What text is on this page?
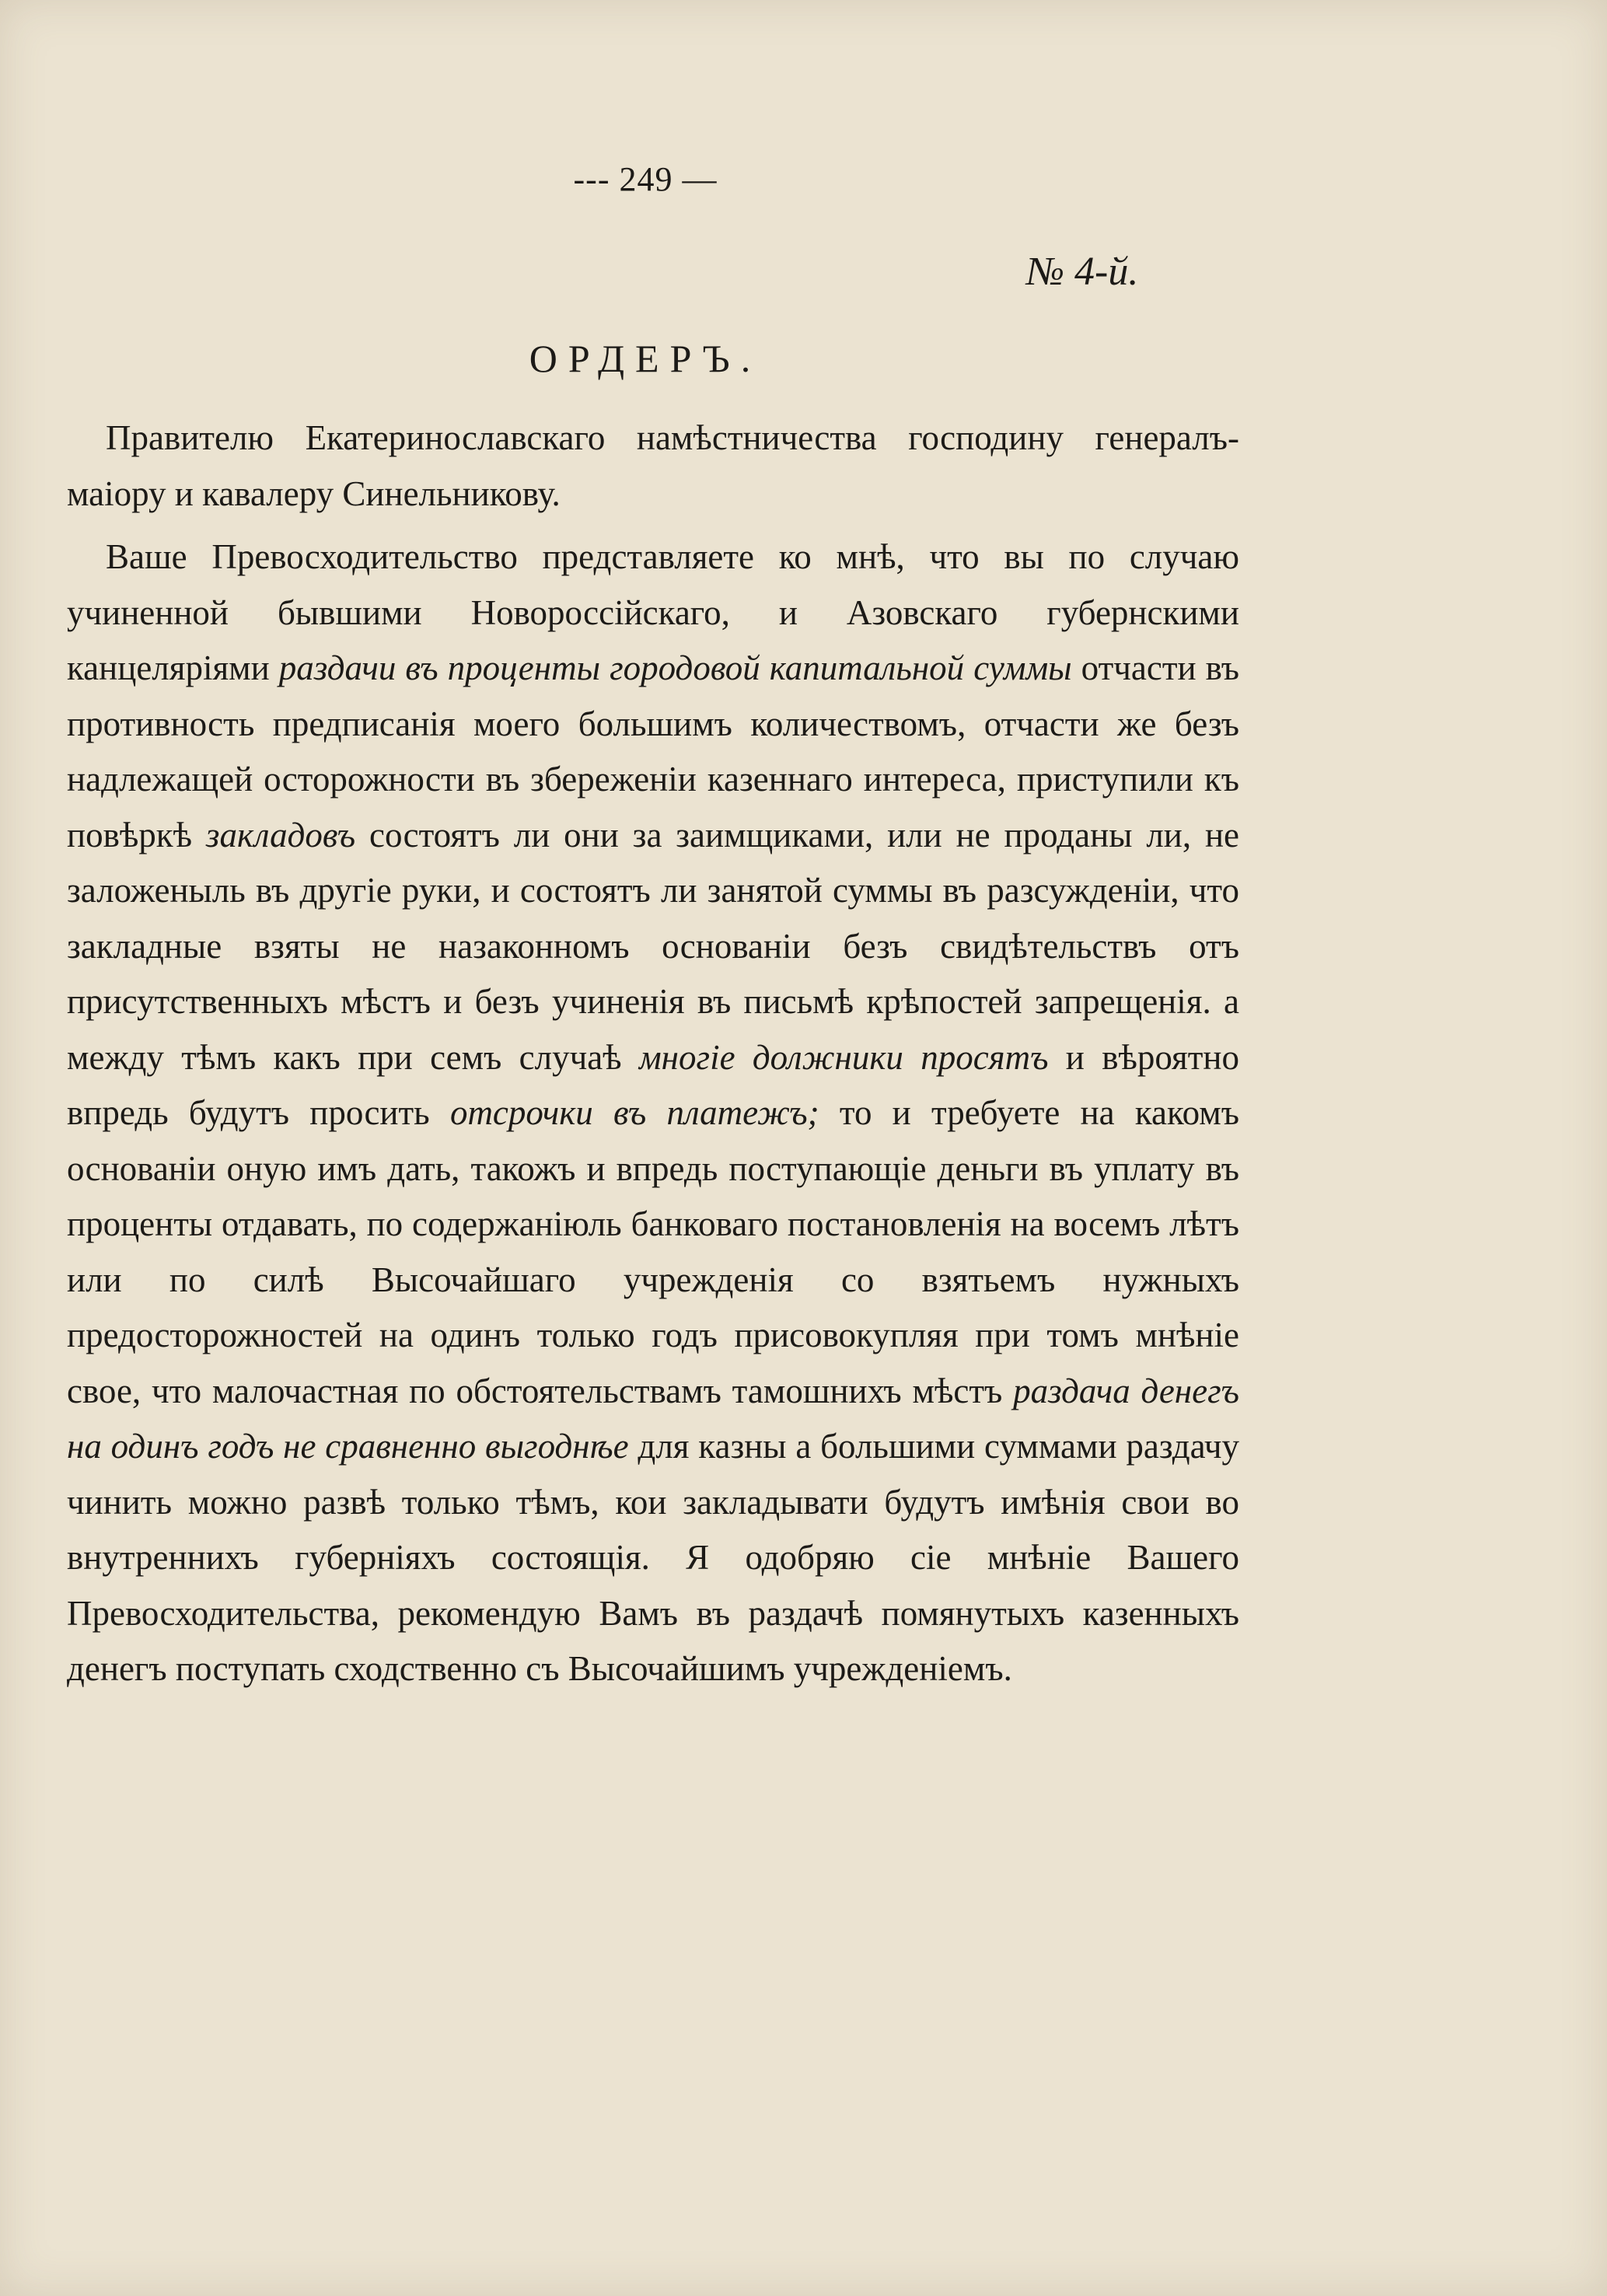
--- 249 —
№ 4-й.
ОРДЕРЪ.

Правителю Екатеринославскаго намѣстничества господину генералъ-маіору и кавалеру Синельникову.

Ваше Превосходительство представляете ко мнѣ, что вы по случаю учиненной бывшими Новороссійскаго, и Азовскаго губернскими канцеляріями раздачи въ проценты городовой капитальной суммы отчасти въ противность предписанія моего большимъ количествомъ, отчасти же безъ надлежащей осторожности въ збереженіи казеннаго интереса, приступили къ повѣркѣ закладовъ состоятъ ли они за заимщиками, или не проданы ли, не заложеныль въ другіе руки, и состоятъ ли занятой суммы въ разсужденіи, что закладные взяты не назаконномъ основаніи безъ свидѣтельствъ отъ присутственныхъ мѣстъ и безъ учиненія въ письмѣ крѣпостей запрещенія. а между тѣмъ какъ при семъ случаѣ многіе должники просятъ и вѣроятно впредь будутъ просить отсрочки въ платежъ; то и требуете на какомъ основаніи оную имъ дать, такожъ и впредь поступающіе деньги въ уплату въ проценты отдавать, по содержаніюль банковаго постановленія на восемъ лѣтъ или по силѣ Высочайшаго учрежденія со взятьемъ нужныхъ предосторожностей на одинъ только годъ присовокупляя при томъ мнѣніе свое, что малочастная по обстоятельствамъ тамошнихъ мѣстъ раздача денегъ на одинъ годъ не сравненно выгоднѣе для казны а большими суммами раздачу чинить можно развѣ только тѣмъ, кои закладывати будутъ имѣнія свои во внутреннихъ губерніяхъ состоящія. Я одобряю сіе мнѣніе Вашего Превосходительства, рекомендую Вамъ въ раздачѣ помянутыхъ казенныхъ денегъ поступать сходственно съ Высочайшимъ учрежденіемъ.
